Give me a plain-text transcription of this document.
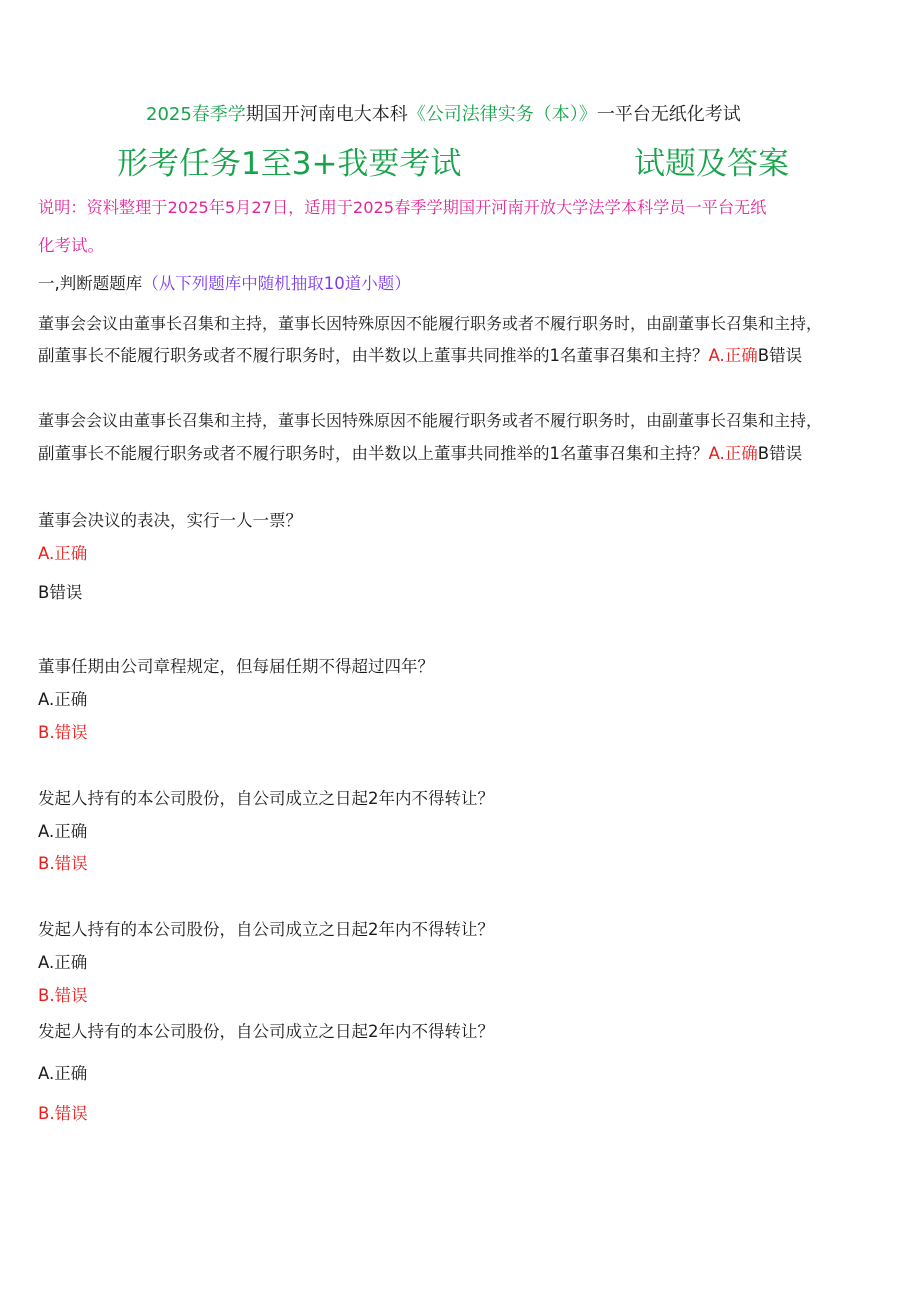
2025春季学期国开河南电大本科《公司法律实务（本）》一平台无纸化考试
形考任务1至3+我要考试	试题及答案
说明：资料整理于2025年5月27日，适用于2025春季学期国开河南开放大学法学本科学员一平台无纸
化考试。
一,判断题题库（从下列题库中随机抽取10道小题）
董事会会议由董事长召集和主持，董事长因特殊原因不能履行职务或者不履行职务时，由副董事长召集和主持，
副董事长不能履行职务或者不履行职务时，由半数以上董事共同推举的1名董事召集和主持？A.正确B错误
董事会会议由董事长召集和主持，董事长因特殊原因不能履行职务或者不履行职务时，由副董事长召集和主持，
副董事长不能履行职务或者不履行职务时，由半数以上董事共同推举的1名董事召集和主持？A.正确B错误
董事会决议的表决，实行一人一票？
A.正确
B错误
董事任期由公司章程规定，但每届任期不得超过四年？
A.正确
B.错误
发起人持有的本公司股份，自公司成立之日起2年内不得转让？
A.正确
B.错误
发起人持有的本公司股份，自公司成立之日起2年内不得转让？
A.正确
B.错误
发起人持有的本公司股份，自公司成立之日起2年内不得转让？
A.正确
B.错误
